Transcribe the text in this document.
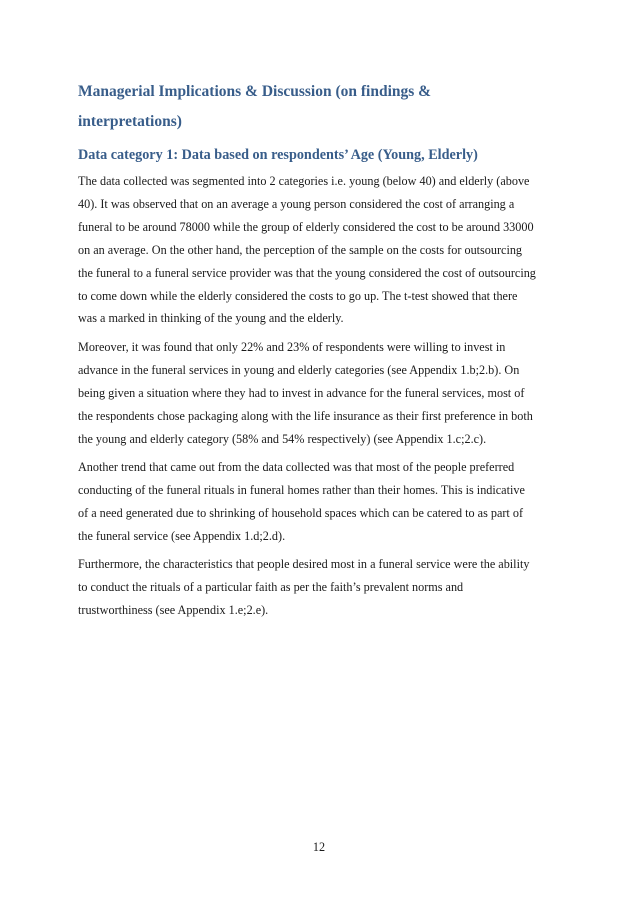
Managerial Implications & Discussion (on findings &
interpretations)
Data category 1: Data based on respondents’ Age (Young, Elderly)

The data collected was segmented into 2 categories i.e. young (below 40) and elderly (above
40). It was observed that on an average a young person considered the cost of arranging a
funeral to be around 78000 while the group of elderly considered the cost to be around 33000
on an average. On the other hand, the perception of the sample on the costs for outsourcing
the funeral to a funeral service provider was that the young considered the cost of outsourcing
to come down while the elderly considered the costs to go up. The t-test showed that there
was a marked in thinking of the young and the elderly.

Moreover, it was found that only 22% and 23% of respondents were willing to invest in
advance in the funeral services in young and elderly categories (see Appendix 1.b;2.b). On
being given a situation where they had to invest in advance for the funeral services, most of
the respondents chose packaging along with the life insurance as their first preference in both
the young and elderly category (58% and 54% respectively) (see Appendix 1.c;2.c).

Another trend that came out from the data collected was that most of the people preferred
conducting of the funeral rituals in funeral homes rather than their homes. This is indicative
of a need generated due to shrinking of household spaces which can be catered to as part of
the funeral service (see Appendix 1.d;2.d).

Furthermore, the characteristics that people desired most in a funeral service were the ability
to conduct the rituals of a particular faith as per the faith’s prevalent norms and
trustworthiness (see Appendix 1.e;2.e).

12
